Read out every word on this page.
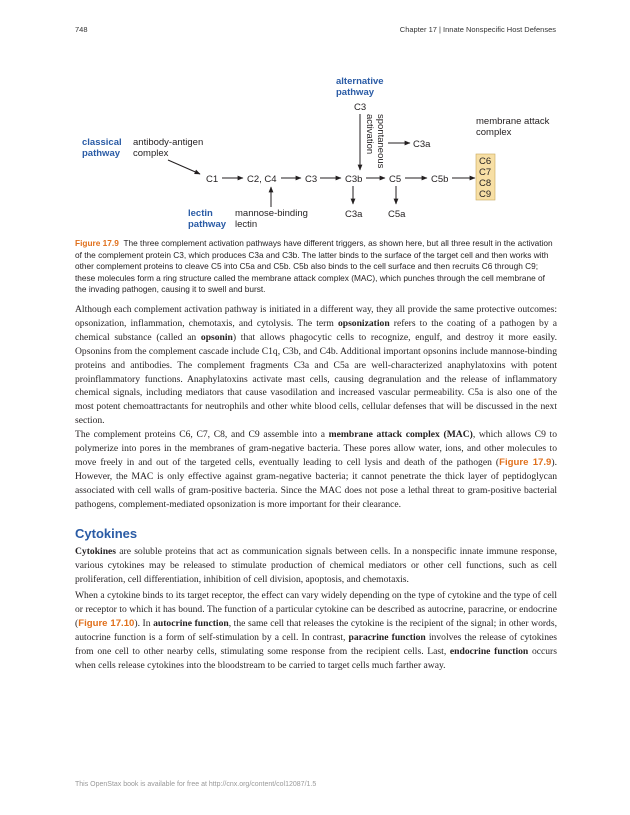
748	Chapter 17 | Innate Nonspecific Host Defenses
alternative
pathway
C3
spontaneous
activation	C3a
classical
pathway
antibody-antigen
complex
C1	C2, C4	C3	C3b	C5	C5b
membrane attack
complex
C6
C7
C8
C9
lectin
pathway
mannose-binding
lectin
C3a	C5a
Figure 17.9 The three complement activation pathways have different triggers, as shown here, but all three result in the activation of the complement protein C3, which produces C3a and C3b. The latter binds to the surface of the target cell and then works with other complement proteins to cleave C5 into C5a and C5b. C5b also binds to the cell surface and then recruits C6 through C9; these molecules form a ring structure called the membrane attack complex (MAC), which punches through the cell membrane of the invading pathogen, causing it to swell and burst.

Although each complement activation pathway is initiated in a different way, they all provide the same protective outcomes: opsonization, inflammation, chemotaxis, and cytolysis. The term opsonization refers to the coating of a pathogen by a chemical substance (called an opsonin) that allows phagocytic cells to recognize, engulf, and destroy it more easily. Opsonins from the complement cascade include C1q, C3b, and C4b. Additional important opsonins include mannose-binding proteins and antibodies. The complement fragments C3a and C5a are well-characterized anaphylatoxins with potent proinflammatory functions. Anaphylatoxins activate mast cells, causing degranulation and the release of inflammatory chemical signals, including mediators that cause vasodilation and increased vascular permeability. C5a is also one of the most potent chemoattractants for neutrophils and other white blood cells, cellular defenses that will be discussed in the next section.

The complement proteins C6, C7, C8, and C9 assemble into a membrane attack complex (MAC), which allows C9 to polymerize into pores in the membranes of gram-negative bacteria. These pores allow water, ions, and other molecules to move freely in and out of the targeted cells, eventually leading to cell lysis and death of the pathogen (Figure 17.9). However, the MAC is only effective against gram-negative bacteria; it cannot penetrate the thick layer of peptidoglycan associated with cell walls of gram-positive bacteria. Since the MAC does not pose a lethal threat to gram-positive bacterial pathogens, complement-mediated opsonization is more important for their clearance.

Cytokines

Cytokines are soluble proteins that act as communication signals between cells. In a nonspecific innate immune response, various cytokines may be released to stimulate production of chemical mediators or other cell functions, such as cell proliferation, cell differentiation, inhibition of cell division, apoptosis, and chemotaxis.

When a cytokine binds to its target receptor, the effect can vary widely depending on the type of cytokine and the type of cell or receptor to which it has bound. The function of a particular cytokine can be described as autocrine, paracrine, or endocrine (Figure 17.10). In autocrine function, the same cell that releases the cytokine is the recipient of the signal; in other words, autocrine function is a form of self-stimulation by a cell. In contrast, paracrine function involves the release of cytokines from one cell to other nearby cells, stimulating some response from the recipient cells. Last, endocrine function occurs when cells release cytokines into the bloodstream to be carried to target cells much farther away.

This OpenStax book is available for free at http://cnx.org/content/col12087/1.5
